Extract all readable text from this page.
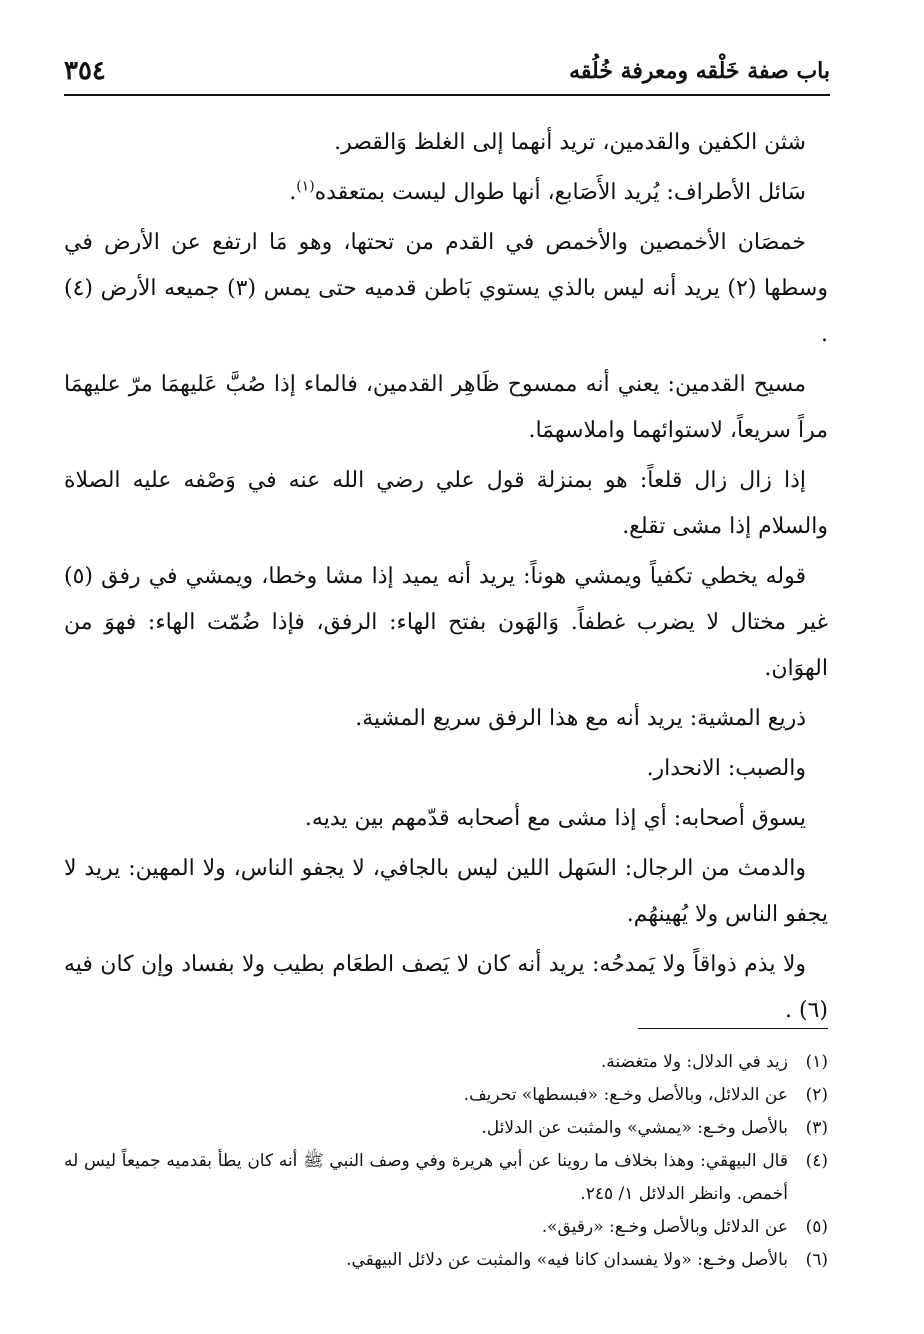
٣٥٤	باب صفة خَلْقه ومعرفة خُلُقه

شثن الكفين والقدمين، تريد أنهما إلى الغلظ وَالقصر.

سَائل الأطراف: يُريد الأَصَابع، أنها طوال ليست بمتعقده$^{(١)}$.

خمصَان الأخمصين والأخمص في القدم من تحتها، وهو مَا ارتفع عن الأرض في وسطها (٢) يريد أنه ليس بالذي يستوي بَاطن قدميه حتى يمس (٣) جميعه الأرض (٤) .

مسيح القدمين: يعني أنه ممسوح ظَاهِر القدمين، فالماء إذا صُبَّ عَليهمَا مرّ عليهمَا مراً سريعاً، لاستوائهما واملاسهمَا.

إذا زال زال قلعاً: هو بمنزلة قول علي رضي الله عنه في وَصْفه عليه الصلاة والسلام إذا مشى تقلع.

قوله يخطي تكفياً ويمشي هوناً: يريد أنه يميد إذا مشا وخطا، ويمشي في رفق (٥) غير مختال لا يضرب غطفاً. وَالهَون بفتح الهاء: الرفق، فإذا ضُمّت الهاء: فهوَ من الهوَان.

ذريع المشية: يريد أنه مع هذا الرفق سريع المشية.

والصبب: الانحدار.

يسوق أصحابه: أي إذا مشى مع أصحابه قدّمهم بين يديه.

والدمث من الرجال: السَهل اللين ليس بالجافي، لا يجفو الناس، ولا المهين: يريد لا يجفو الناس ولا يُهينهُم.

ولا يذم ذواقاً ولا يَمدحُه: يريد أنه كان لا يَصف الطعَام بطيب ولا بفساد وإن كان فيه (٦) .

(١)
زيد في الدلال: ولا متغضنة.
(٢)
عن الدلائل، وبالأصل وخـع: «فبسطها» تحريف.
(٣)
بالأصل وخـع: «يمشي» والمثبت عن الدلائل.
(٤)
قال البيهقي: وهذا بخلاف ما روينا عن أبي هريرة وفي وصف النبي ﷺ أنه كان يطأ بقدميه جميعاً ليس له أخمص. وانظر الدلائل ١/ ٢٤٥.
(٥)
عن الدلائل وبالأصل وخـع: «رقيق».
(٦)
بالأصل وخـع: «ولا يفسدان كانا فيه» والمثبت عن دلائل البيهقي.
